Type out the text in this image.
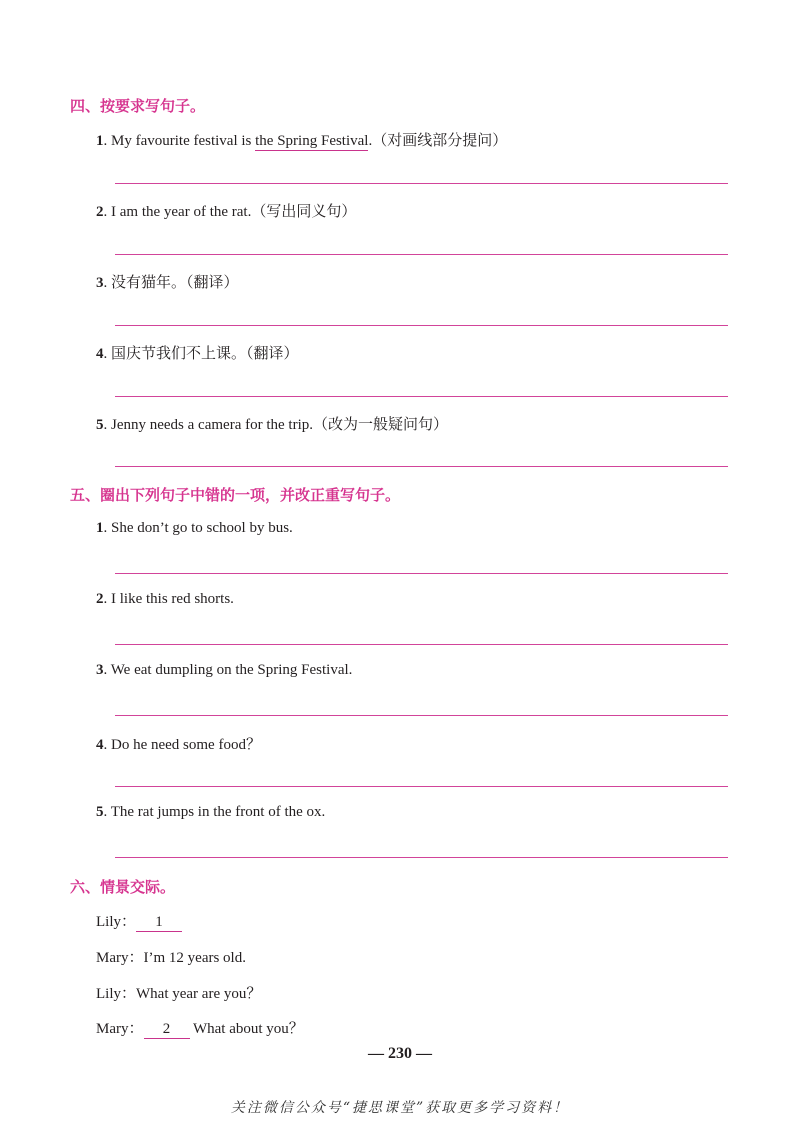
四、按要求写句子。
1. My favourite festival is the Spring Festival.（对画线部分提问）
2. I am the year of the rat.（写出同义句）
3. 没有猫年。（翻译）
4. 国庆节我们不上课。（翻译）
5. Jenny needs a camera for the trip.（改为一般疑问句）
五、圈出下列句子中错的一项，并改正重写句子。
1. She don’t go to school by bus.
2. I like this red shorts.
3. We eat dumpling on the Spring Festival.
4. Do he need some food？
5. The rat jumps in the front of the ox.
六、情景交际。
Lily： 1
Mary：I’m 12 years old.
Lily：What year are you？
Mary： 2 What about you？
— 230 —
关注微信公众号“捷思课堂”获取更多学习资料！
